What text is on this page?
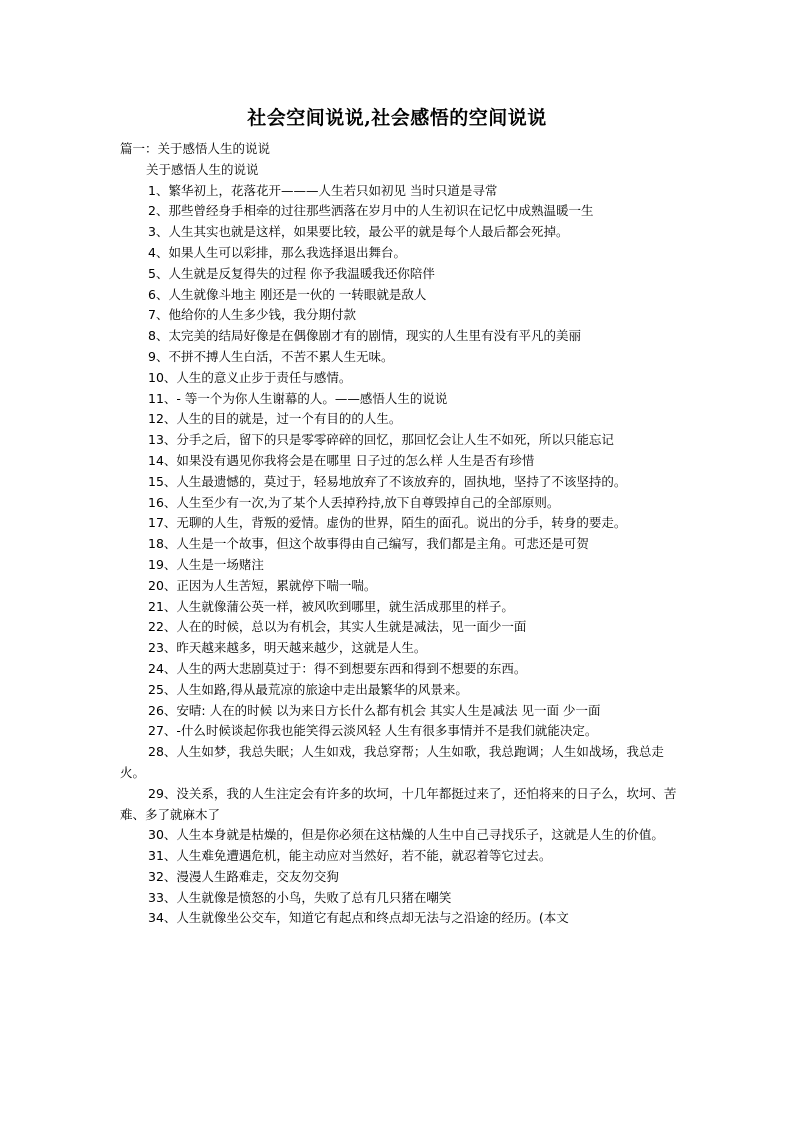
社会空间说说,社会感悟的空间说说
篇一：关于感悟人生的说说
关于感悟人生的说说
1、繁华初上，花落花开———人生若只如初见 当时只道是寻常
2、那些曾经身手相牵的过往那些洒落在岁月中的人生初识在记忆中成熟温暖一生
3、人生其实也就是这样，如果要比较，最公平的就是每个人最后都会死掉。
4、如果人生可以彩排，那么我选择退出舞台。
5、人生就是反复得失的过程 你予我温暖我还你陪伴
6、人生就像斗地主 刚还是一伙的 一转眼就是敌人
7、他给你的人生多少钱，我分期付款
8、太完美的结局好像是在偶像剧才有的剧情，现实的人生里有没有平凡的美丽
9、不拼不搏人生白活，不苦不累人生无味。
10、人生的意义止步于责任与感情。
11、- 等一个为你人生谢幕的人。——感悟人生的说说
12、人生的目的就是，过一个有目的的人生。
13、分手之后，留下的只是零零碎碎的回忆，那回忆会让人生不如死，所以只能忘记
14、如果没有遇见你我将会是在哪里 日子过的怎么样 人生是否有珍惜
15、人生最遗憾的，莫过于，轻易地放弃了不该放弃的，固执地，坚持了不该坚持的。
16、人生至少有一次,为了某个人丢掉矜持,放下自尊毁掉自己的全部原则。
17、无聊的人生，背叛的爱情。虚伪的世界，陌生的面孔。说出的分手，转身的要走。
18、人生是一个故事，但这个故事得由自己编写，我们都是主角。可悲还是可贺
19、人生是一场赌注
20、正因为人生苦短，累就停下喘一喘。
21、人生就像蒲公英一样，被风吹到哪里，就生活成那里的样子。
22、人在的时候，总以为有机会，其实人生就是减法，见一面少一面
23、昨天越来越多，明天越来越少，这就是人生。
24、人生的两大悲剧莫过于：得不到想要东西和得到不想要的东西。
25、人生如路,得从最荒凉的旅途中走出最繁华的风景来。
26、安晴: 人在的时候 以为来日方长什么都有机会 其实人生是减法 见一面 少一面
27、-什么时候谈起你我也能笑得云淡风轻 人生有很多事情并不是我们就能决定。
28、人生如梦，我总失眠；人生如戏，我总穿帮；人生如歌，我总跑调；人生如战场，我总走火。
29、没关系，我的人生注定会有许多的坎坷，十几年都挺过来了，还怕将来的日子么，坎坷、苦难、多了就麻木了
30、人生本身就是枯燥的，但是你必须在这枯燥的人生中自己寻找乐子，这就是人生的价值。
31、人生难免遭遇危机，能主动应对当然好，若不能，就忍着等它过去。
32、漫漫人生路难走，交友勿交狗
33、人生就像是愤怒的小鸟，失败了总有几只猪在嘲笑
34、人生就像坐公交车，知道它有起点和终点却无法与之沿途的经历。(本文
